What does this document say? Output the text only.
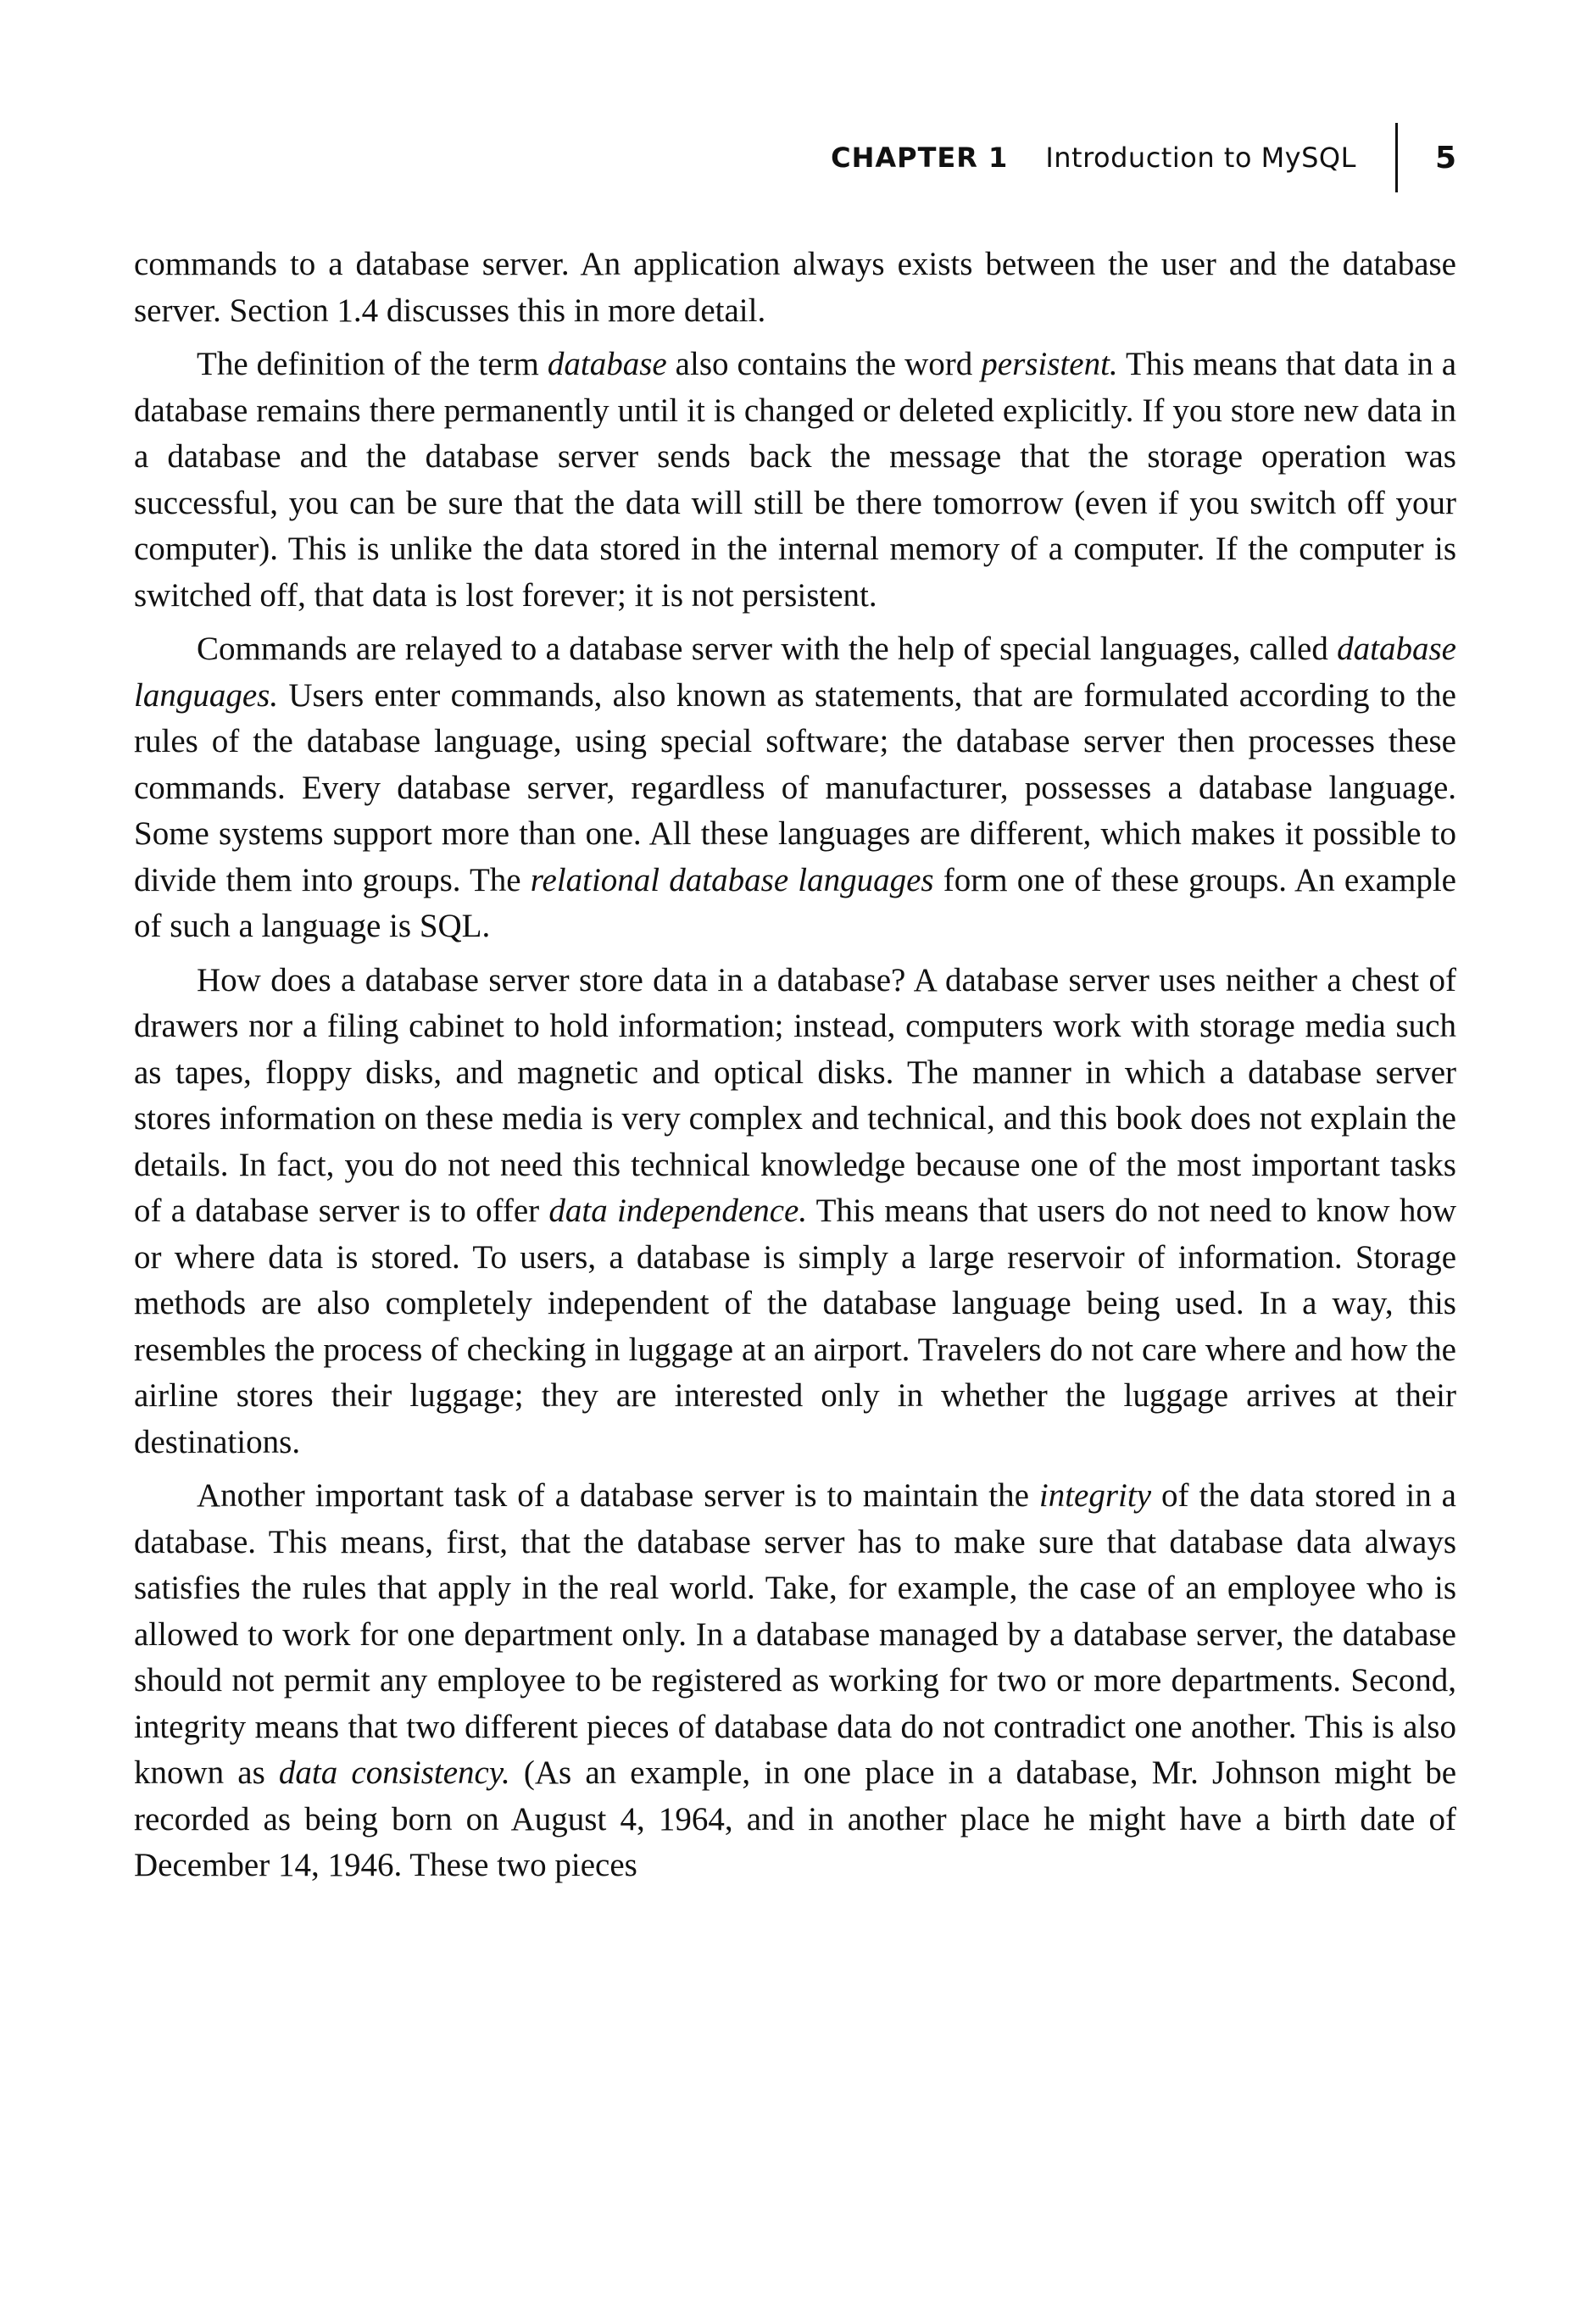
CHAPTER 1 Introduction to MySQL	5

commands to a database server. An application always exists between the user and the database server. Section 1.4 discusses this in more detail.

The definition of the term database also contains the word persistent. This means that data in a database remains there permanently until it is changed or deleted explicitly. If you store new data in a database and the database server sends back the message that the storage operation was successful, you can be sure that the data will still be there tomorrow (even if you switch off your computer). This is unlike the data stored in the internal memory of a computer. If the computer is switched off, that data is lost forever; it is not persistent.

Commands are relayed to a database server with the help of special languages, called database languages. Users enter commands, also known as statements, that are formulated according to the rules of the database language, using special software; the database server then processes these commands. Every database server, regardless of manufacturer, possesses a database language. Some systems support more than one. All these languages are different, which makes it possible to divide them into groups. The relational database languages form one of these groups. An example of such a language is SQL.

How does a database server store data in a database? A database server uses neither a chest of drawers nor a filing cabinet to hold information; instead, computers work with storage media such as tapes, floppy disks, and magnetic and optical disks. The manner in which a database server stores information on these media is very complex and technical, and this book does not explain the details. In fact, you do not need this technical knowledge because one of the most important tasks of a database server is to offer data independence. This means that users do not need to know how or where data is stored. To users, a database is simply a large reservoir of information. Storage methods are also completely independent of the database language being used. In a way, this resembles the process of checking in luggage at an airport. Travelers do not care where and how the airline stores their luggage; they are interested only in whether the luggage arrives at their destinations.

Another important task of a database server is to maintain the integrity of the data stored in a database. This means, first, that the database server has to make sure that database data always satisfies the rules that apply in the real world. Take, for example, the case of an employee who is allowed to work for one department only. In a database managed by a database server, the database should not permit any employee to be registered as working for two or more departments. Second, integrity means that two different pieces of database data do not contradict one another. This is also known as data consistency. (As an example, in one place in a database, Mr. Johnson might be recorded as being born on August 4, 1964, and in another place he might have a birth date of December 14, 1946. These two pieces
